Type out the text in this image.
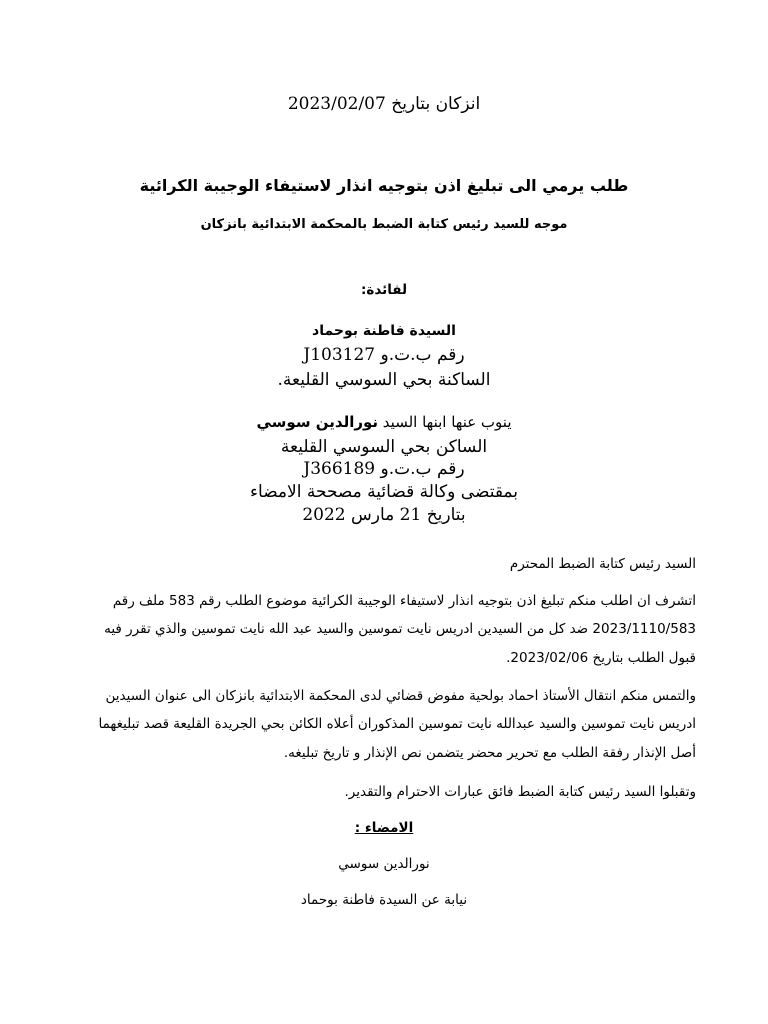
انزكان بتاريخ 2023/02/07
طلب يرمي الى تبليغ اذن بتوجيه انذار لاستيفاء الوجيبة الكرائية
موجه للسيد رئيس كتابة الضبط بالمحكمة الابتدائية بانزكان
لفائدة:
السيدة فاطنة بوحماد
رقم ب.ت.و J103127
الساكنة بحي السوسي القليعة.
ينوب عنها ابنها السيد نورالدين سوسي
الساكن بحي السوسي القليعة
رقم ب.ت.و J366189
بمقتضى وكالة قضائية مصححة الامضاء
بتاريخ 21 مارس 2022
السيد رئيس كتابة الضبط المحترم
اتشرف ان اطلب منكم تبليغ اذن بتوجيه انذار لاستيفاء الوجيبة الكرائية موضوع الطلب رقم 583 ملف رقم
2023/1110/583 ضد كل من السيدين ادريس نايت تموسين والسيد عبد الله نايت تموسين والذي تقرر فيه
قبول الطلب بتاريخ 2023/02/06.
والتمس منكم انتقال الأستاذ احماد بولحية مفوض قضائي لدى المحكمة الابتدائية بانزكان الى عنوان السيدين
ادريس نايت تموسين والسيد عبدالله نايت تموسين المذكوران أعلاه الكائن بحي الجريدة القليعة قصد تبليغهما
أصل الإنذار رفقة الطلب مع تحرير محضر يتضمن نص الإنذار و تاريخ تبليغه.
وتقبلوا السيد رئيس كتابة الضبط فائق عبارات الاحترام والتقدير.
الامضاء :
نورالدين سوسي
نيابة عن السيدة فاطنة بوحماد
